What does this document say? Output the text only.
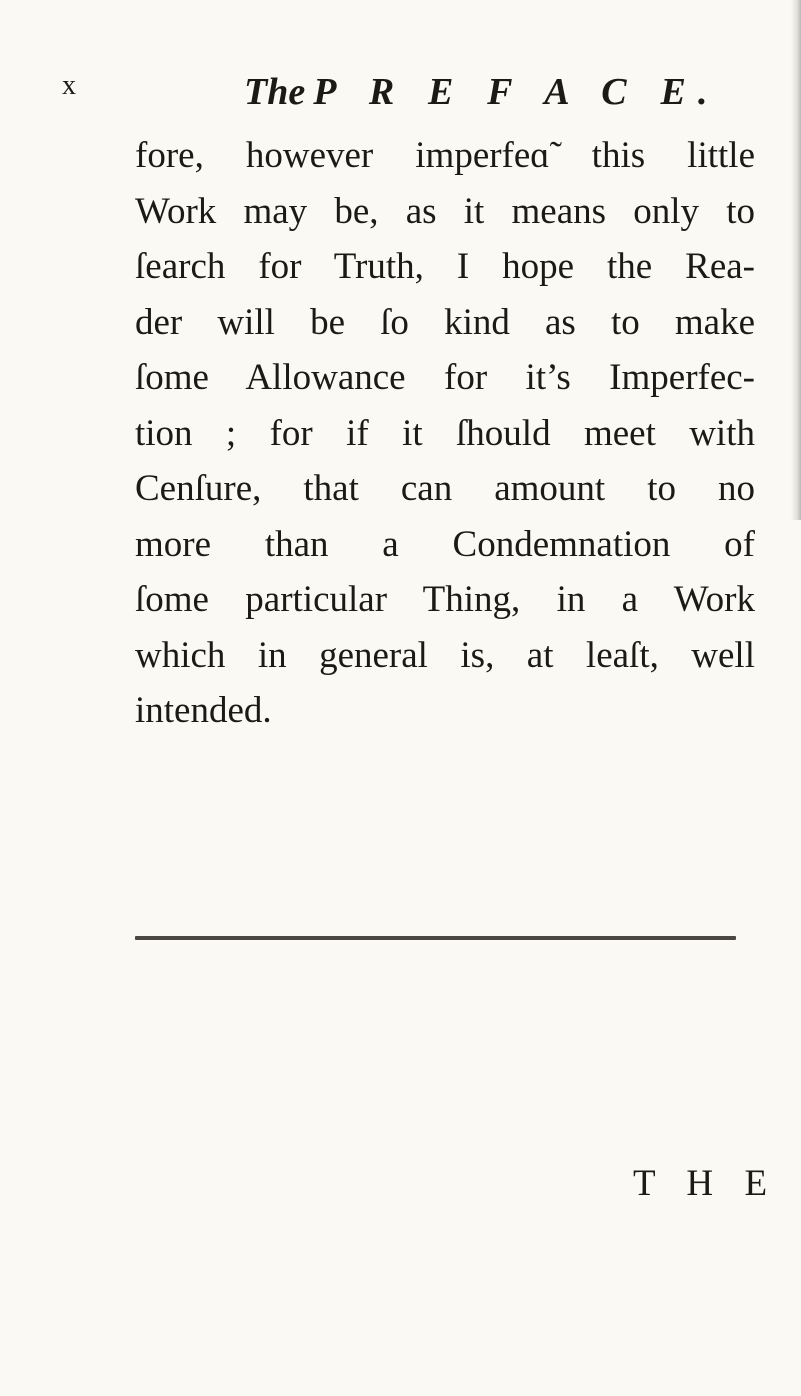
x	The P R E F A C E.
fore, however imperfeɑ̃ this little
Work may be, as it means only to
ſearch for Truth, I hope the Rea-
der will be ſo kind as to make
ſome Allowance for it’s Imperfec-
tion ; for if it ſhould meet with
Cenſure, that can amount to no
more than a Condemnation of
ſome particular Thing, in a Work
which in general is, at leaſt, well
intended.
T H E
